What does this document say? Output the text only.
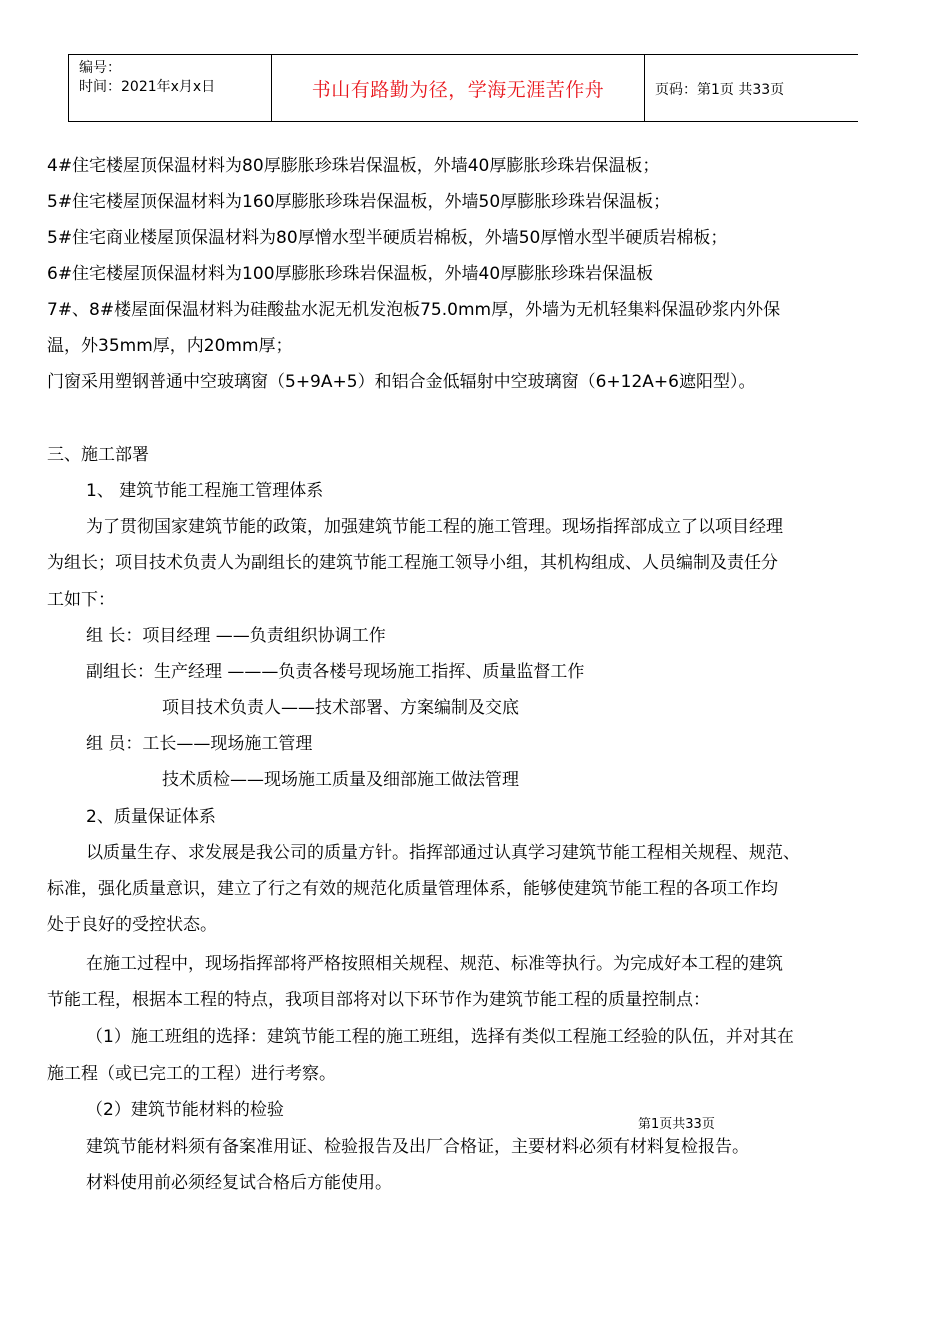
编号：
时间：2021年x月x日	书山有路勤为径，学海无涯苦作舟	页码：第1页 共33页
4#住宅楼屋顶保温材料为80厚膨胀珍珠岩保温板，外墙40厚膨胀珍珠岩保温板；
5#住宅楼屋顶保温材料为160厚膨胀珍珠岩保温板，外墙50厚膨胀珍珠岩保温板；
5#住宅商业楼屋顶保温材料为80厚憎水型半硬质岩棉板，外墙50厚憎水型半硬质岩棉板；
6#住宅楼屋顶保温材料为100厚膨胀珍珠岩保温板，外墙40厚膨胀珍珠岩保温板
7#、8#楼屋面保温材料为硅酸盐水泥无机发泡板75.0mm厚，外墙为无机轻集料保温砂浆内外保
温，外35mm厚，内20mm厚；
门窗采用塑钢普通中空玻璃窗（5+9A+5）和铝合金低辐射中空玻璃窗（6+12A+6遮阳型）。
三、施工部署
1、 建筑节能工程施工管理体系
为了贯彻国家建筑节能的政策，加强建筑节能工程的施工管理。现场指挥部成立了以项目经理
为组长；项目技术负责人为副组长的建筑节能工程施工领导小组，其机构组成、人员编制及责任分
工如下：
组 长：项目经理 ——负责组织协调工作
副组长：生产经理 ———负责各楼号现场施工指挥、质量监督工作
项目技术负责人——技术部署、方案编制及交底
组 员：工长——现场施工管理
技术质检——现场施工质量及细部施工做法管理
2、质量保证体系
以质量生存、求发展是我公司的质量方针。指挥部通过认真学习建筑节能工程相关规程、规范、
标准，强化质量意识，建立了行之有效的规范化质量管理体系，能够使建筑节能工程的各项工作均
处于良好的受控状态。
在施工过程中，现场指挥部将严格按照相关规程、规范、标准等执行。为完成好本工程的建筑
节能工程，根据本工程的特点，我项目部将对以下环节作为建筑节能工程的质量控制点：
（1）施工班组的选择：建筑节能工程的施工班组，选择有类似工程施工经验的队伍，并对其在
施工程（或已完工的工程）进行考察。
（2）建筑节能材料的检验
建筑节能材料须有备案准用证、检验报告及出厂合格证，主要材料必须有材料复检报告。
材料使用前必须经复试合格后方能使用。
第1页共33页
